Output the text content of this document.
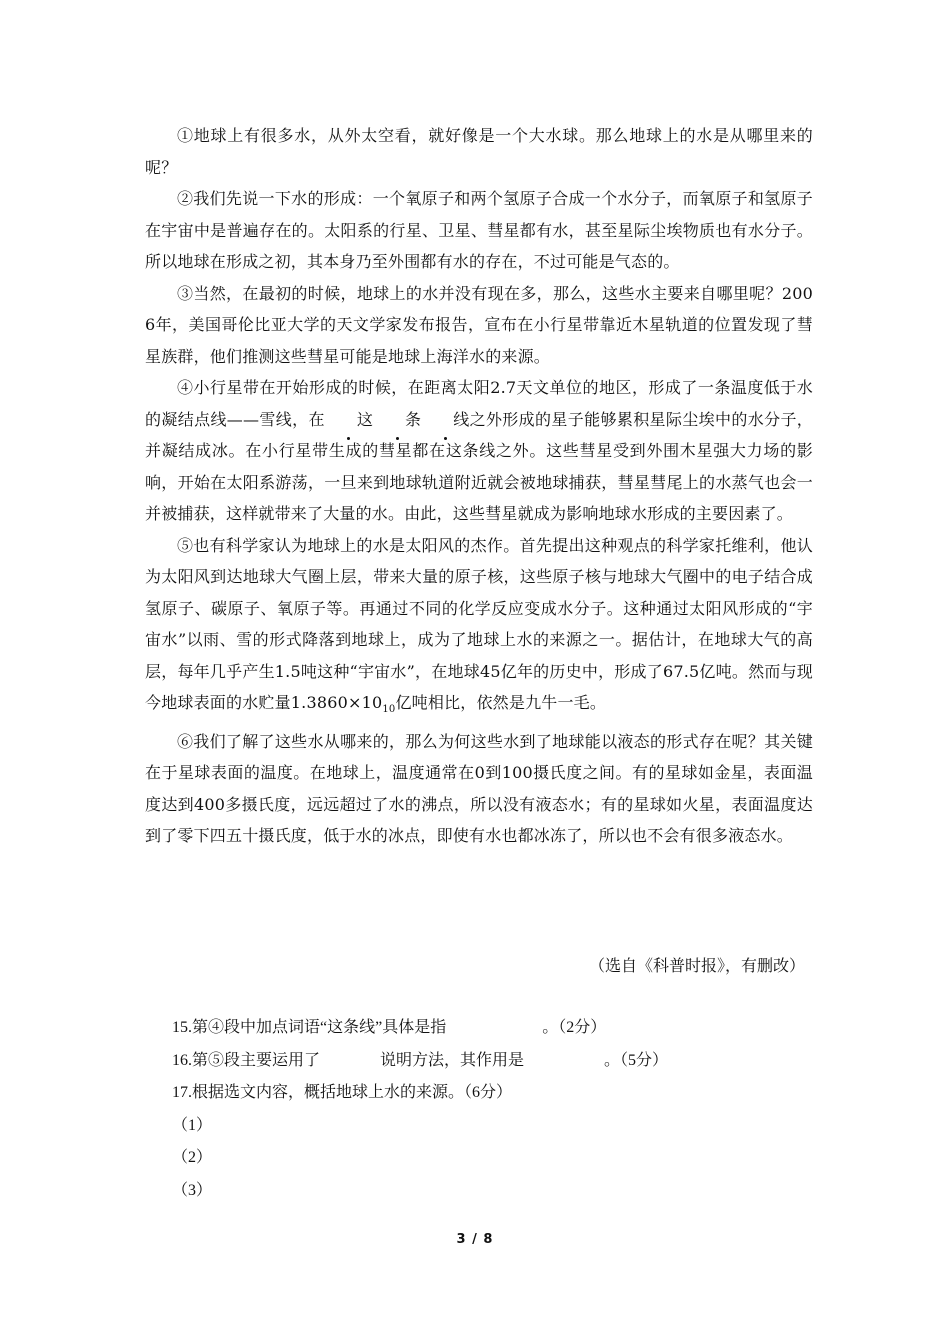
①地球上有很多水，从外太空看，就好像是一个大水球。那么地球上的水是从哪里来的呢？

②我们先说一下水的形成：一个氧原子和两个氢原子合成一个水分子，而氧原子和氢原子在宇宙中是普遍存在的。太阳系的行星、卫星、彗星都有水，甚至星际尘埃物质也有水分子。所以地球在形成之初，其本身乃至外围都有水的存在，不过可能是气态的。

③当然，在最初的时候，地球上的水并没有现在多，那么，这些水主要来自哪里呢？2006年，美国哥伦比亚大学的天文学家发布报告，宣布在小行星带靠近木星轨道的位置发现了彗星族群，他们推测这些彗星可能是地球上海洋水的来源。

④小行星带在开始形成的时候，在距离太阳2.7天文单位的地区，形成了一条温度低于水的凝结点线——雪线，在 这 条 线之外形成的星子能够累积星际尘埃中的水分子，并凝结成冰。在小行星带生成的彗星都在这条线之外。这些彗星受到外围木星强大力场的影响，开始在太阳系游荡，一旦来到地球轨道附近就会被地球捕获，彗星彗尾上的水蒸气也会一并被捕获，这样就带来了大量的水。由此，这些彗星就成为影响地球水形成的主要因素了。

⑤也有科学家认为地球上的水是太阳风的杰作。首先提出这种观点的科学家托维利，他认为太阳风到达地球大气圈上层，带来大量的原子核，这些原子核与地球大气圈中的电子结合成氢原子、碳原子、氧原子等。再通过不同的化学反应变成水分子。这种通过太阳风形成的“宇宙水”以雨、雪的形式降落到地球上，成为了地球上水的来源之一。据估计，在地球大气的高层，每年几乎产生1.5吨这种“宇宙水”，在地球45亿年的历史中，形成了67.5亿吨。然而与现今地球表面的水贮量$1.3860\times 10_{10}$亿吨相比，依然是九牛一毛。

⑥我们了解了这些水从哪来的，那么为何这些水到了地球能以液态的形式存在呢？其关键在于星球表面的温度。在地球上，温度通常在0到100摄氏度之间。有的星球如金星，表面温度达到400多摄氏度，远远超过了水的沸点，所以没有液态水；有的星球如火星，表面温度达到了零下四五十摄氏度，低于水的冰点，即使有水也都冰冻了，所以也不会有很多液态水。

（选自《科普时报》，有删改）
15.第④段中加点词语“这条线”具体是指	。（2分）
16.第⑤段主要运用了	说明方法，其作用是	。（5分）
17.根据选文内容，概括地球上水的来源。（6分）
（1）
（2）
（3）
3 / 8
